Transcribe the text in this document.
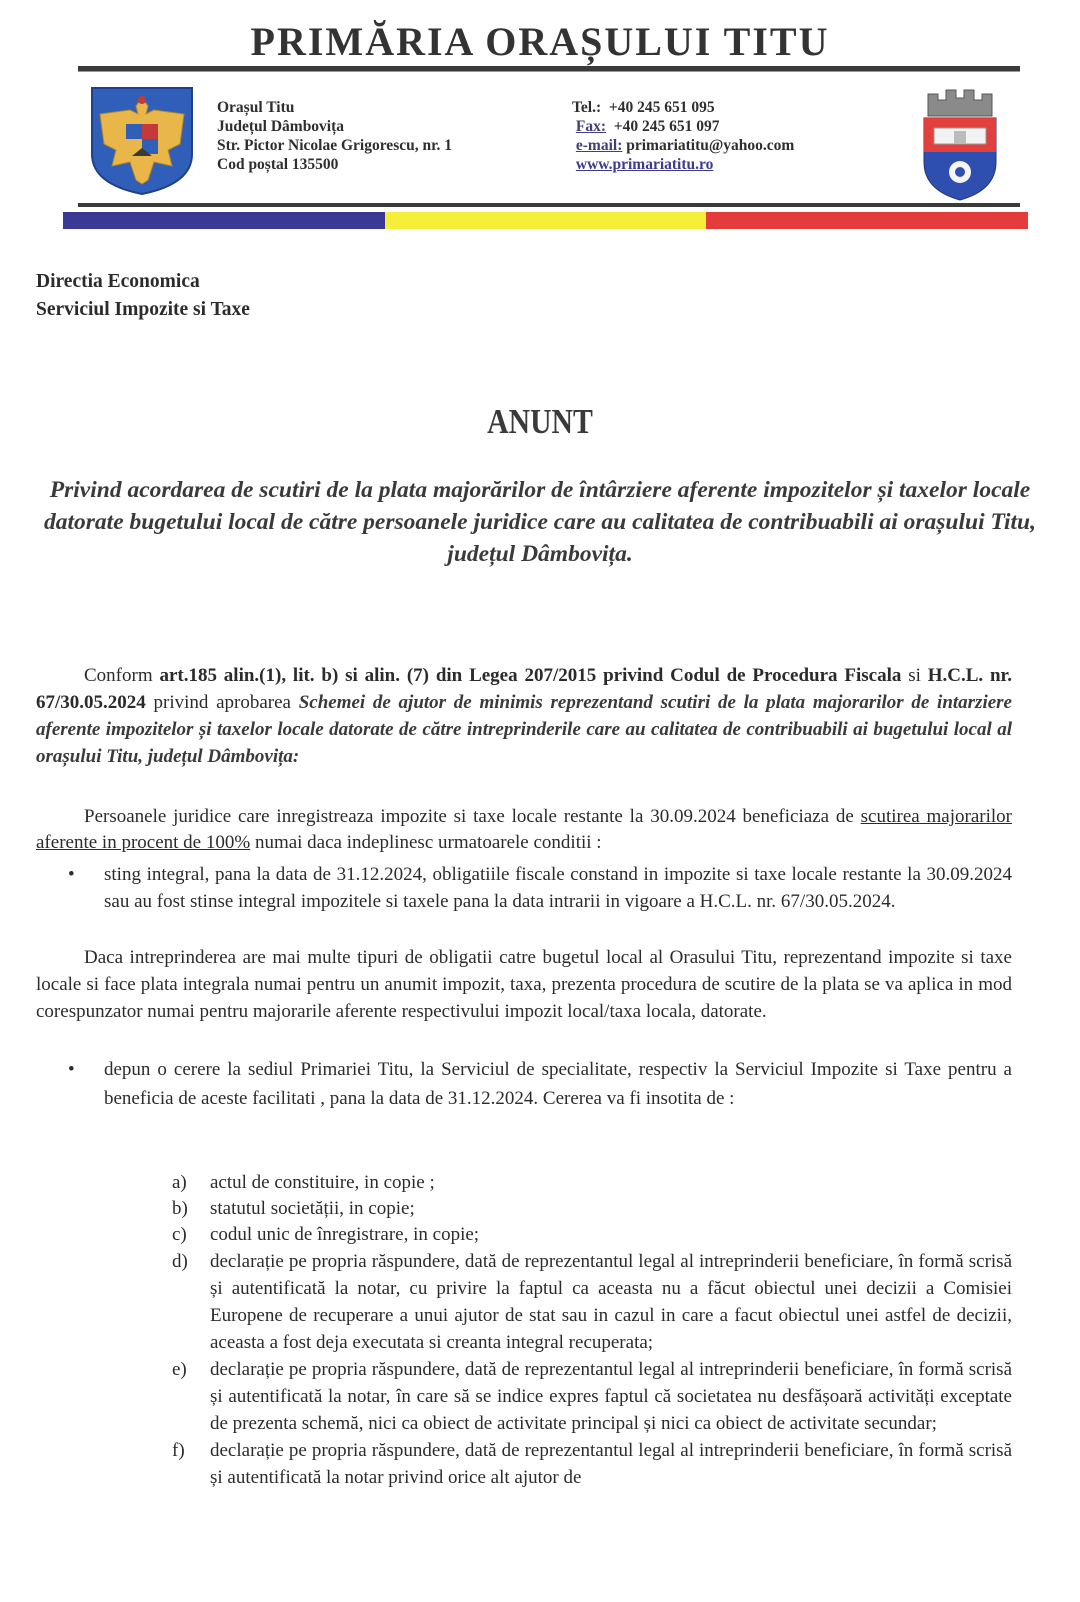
PRIMĂRIA ORAȘULUI TITU
Orașul Titu
Județul Dâmbovița
Str. Pictor Nicolae Grigorescu, nr. 1
Cod poștal 135500
Tel.: +40 245 651 095
Fax: +40 245 651 097
e-mail: primariatitu@yahoo.com
www.primariatitu.ro
Directia Economica
Serviciul Impozite si Taxe
ANUNT
Privind acordarea de scutiri de la plata majorărilor de întârziere aferente impozitelor și taxelor locale datorate bugetului local de către persoanele juridice care au calitatea de contribuabili ai orașului Titu, județul Dâmbovița.
Conform art.185 alin.(1), lit. b) si alin. (7) din Legea 207/2015 privind Codul de Procedura Fiscala si H.C.L. nr. 67/30.05.2024 privind aprobarea Schemei de ajutor de minimis reprezentand scutiri de la plata majorarilor de intarziere aferente impozitelor și taxelor locale datorate de către intreprinderile care au calitatea de contribuabili ai bugetului local al orașului Titu, județul Dâmbovița:
Persoanele juridice care inregistreaza impozite si taxe locale restante la 30.09.2024 beneficiaza de scutirea majorarilor aferente in procent de 100% numai daca indeplinesc urmatoarele conditii :
• sting integral, pana la data de 31.12.2024, obligatiile fiscale constand in impozite si taxe locale restante la 30.09.2024 sau au fost stinse integral impozitele si taxele pana la data intrarii in vigoare a H.C.L. nr. 67/30.05.2024.
Daca intreprinderea are mai multe tipuri de obligatii catre bugetul local al Orasului Titu, reprezentand impozite si taxe locale si face plata integrala numai pentru un anumit impozit, taxa, prezenta procedura de scutire de la plata se va aplica in mod corespunzator numai pentru majorarile aferente respectivului impozit local/taxa locala, datorate.
• depun o cerere la sediul Primariei Titu, la Serviciul de specialitate, respectiv la Serviciul Impozite si Taxe pentru a beneficia de aceste facilitati , pana la data de 31.12.2024. Cererea va fi insotita de :
a) actul de constituire, in copie ;
b) statutul societății, in copie;
c) codul unic de înregistrare, in copie;
d) declarație pe propria răspundere, dată de reprezentantul legal al intreprinderii beneficiare, în formă scrisă și autentificată la notar, cu privire la faptul ca aceasta nu a făcut obiectul unei decizii a Comisiei Europene de recuperare a unui ajutor de stat sau in cazul in care a facut obiectul unei astfel de decizii, aceasta a fost deja executata si creanta integral recuperata;
e) declarație pe propria răspundere, dată de reprezentantul legal al intreprinderii beneficiare, în formă scrisă și autentificată la notar, în care să se indice expres faptul că societatea nu desfășoară activități exceptate de prezenta schemă, nici ca obiect de activitate principal și nici ca obiect de activitate secundar;
f) declarație pe propria răspundere, dată de reprezentantul legal al intreprinderii beneficiare, în formă scrisă și autentificată la notar privind orice alt ajutor de
